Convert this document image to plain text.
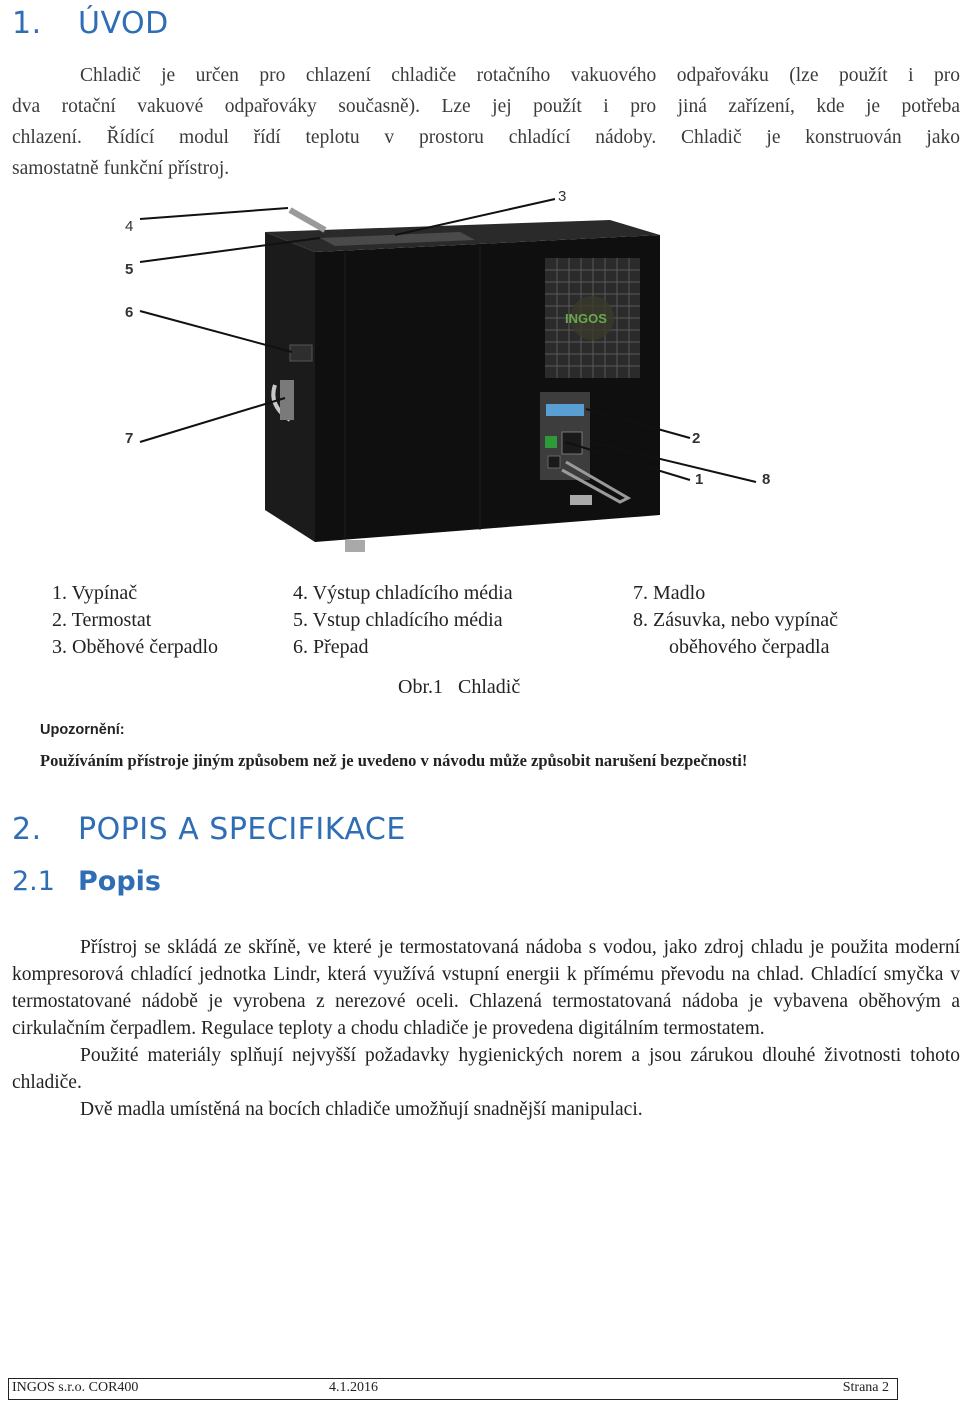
1. ÚVOD
Chladič je určen pro chlazení chladiče rotačního vakuového odpařováku (lze použít i pro
dva rotační vakuové odpařováky současně). Lze jej použít i pro jiná zařízení, kde je potřeba
chlazení. Řídící modul řídí teplotu v prostoru chladící nádoby. Chladič je konstruován jako
samostatně funkční přístroj.
INGOS
4
5
6
7
3
2
1	8
1. Vypínač
2. Termostat
3. Oběhové čerpadlo
4. Výstup chladícího média
5. Vstup chladícího média
6. Přepad
7. Madlo
8. Zásuvka, nebo vypínač
oběhového čerpadla
Obr.1   Chladič
Upozornění:
Používáním přístroje jiným způsobem než je uvedeno v návodu může způsobit narušení bezpečnosti!
2. POPIS A SPECIFIKACE
2.1 Popis

Přístroj se skládá ze skříně, ve které je termostatovaná nádoba s vodou, jako zdroj chladu je použita moderní kompresorová chladící jednotka Lindr, která využívá vstupní energii k přímému převodu na chlad. Chladící smyčka v termostatované nádobě je vyrobena z nerezové oceli. Chlazená termostatovaná nádoba je vybavena oběhovým a cirkulačním čerpadlem. Regulace teploty a chodu chladiče je provedena digitálním termostatem.

Použité materiály splňují nejvyšší požadavky hygienických norem a jsou zárukou dlouhé životnosti tohoto chladiče.

Dvě madla umístěná na bocích chladiče umožňují snadnější manipulaci.

INGOS s.r.o. COR400	4.1.2016	Strana 2
